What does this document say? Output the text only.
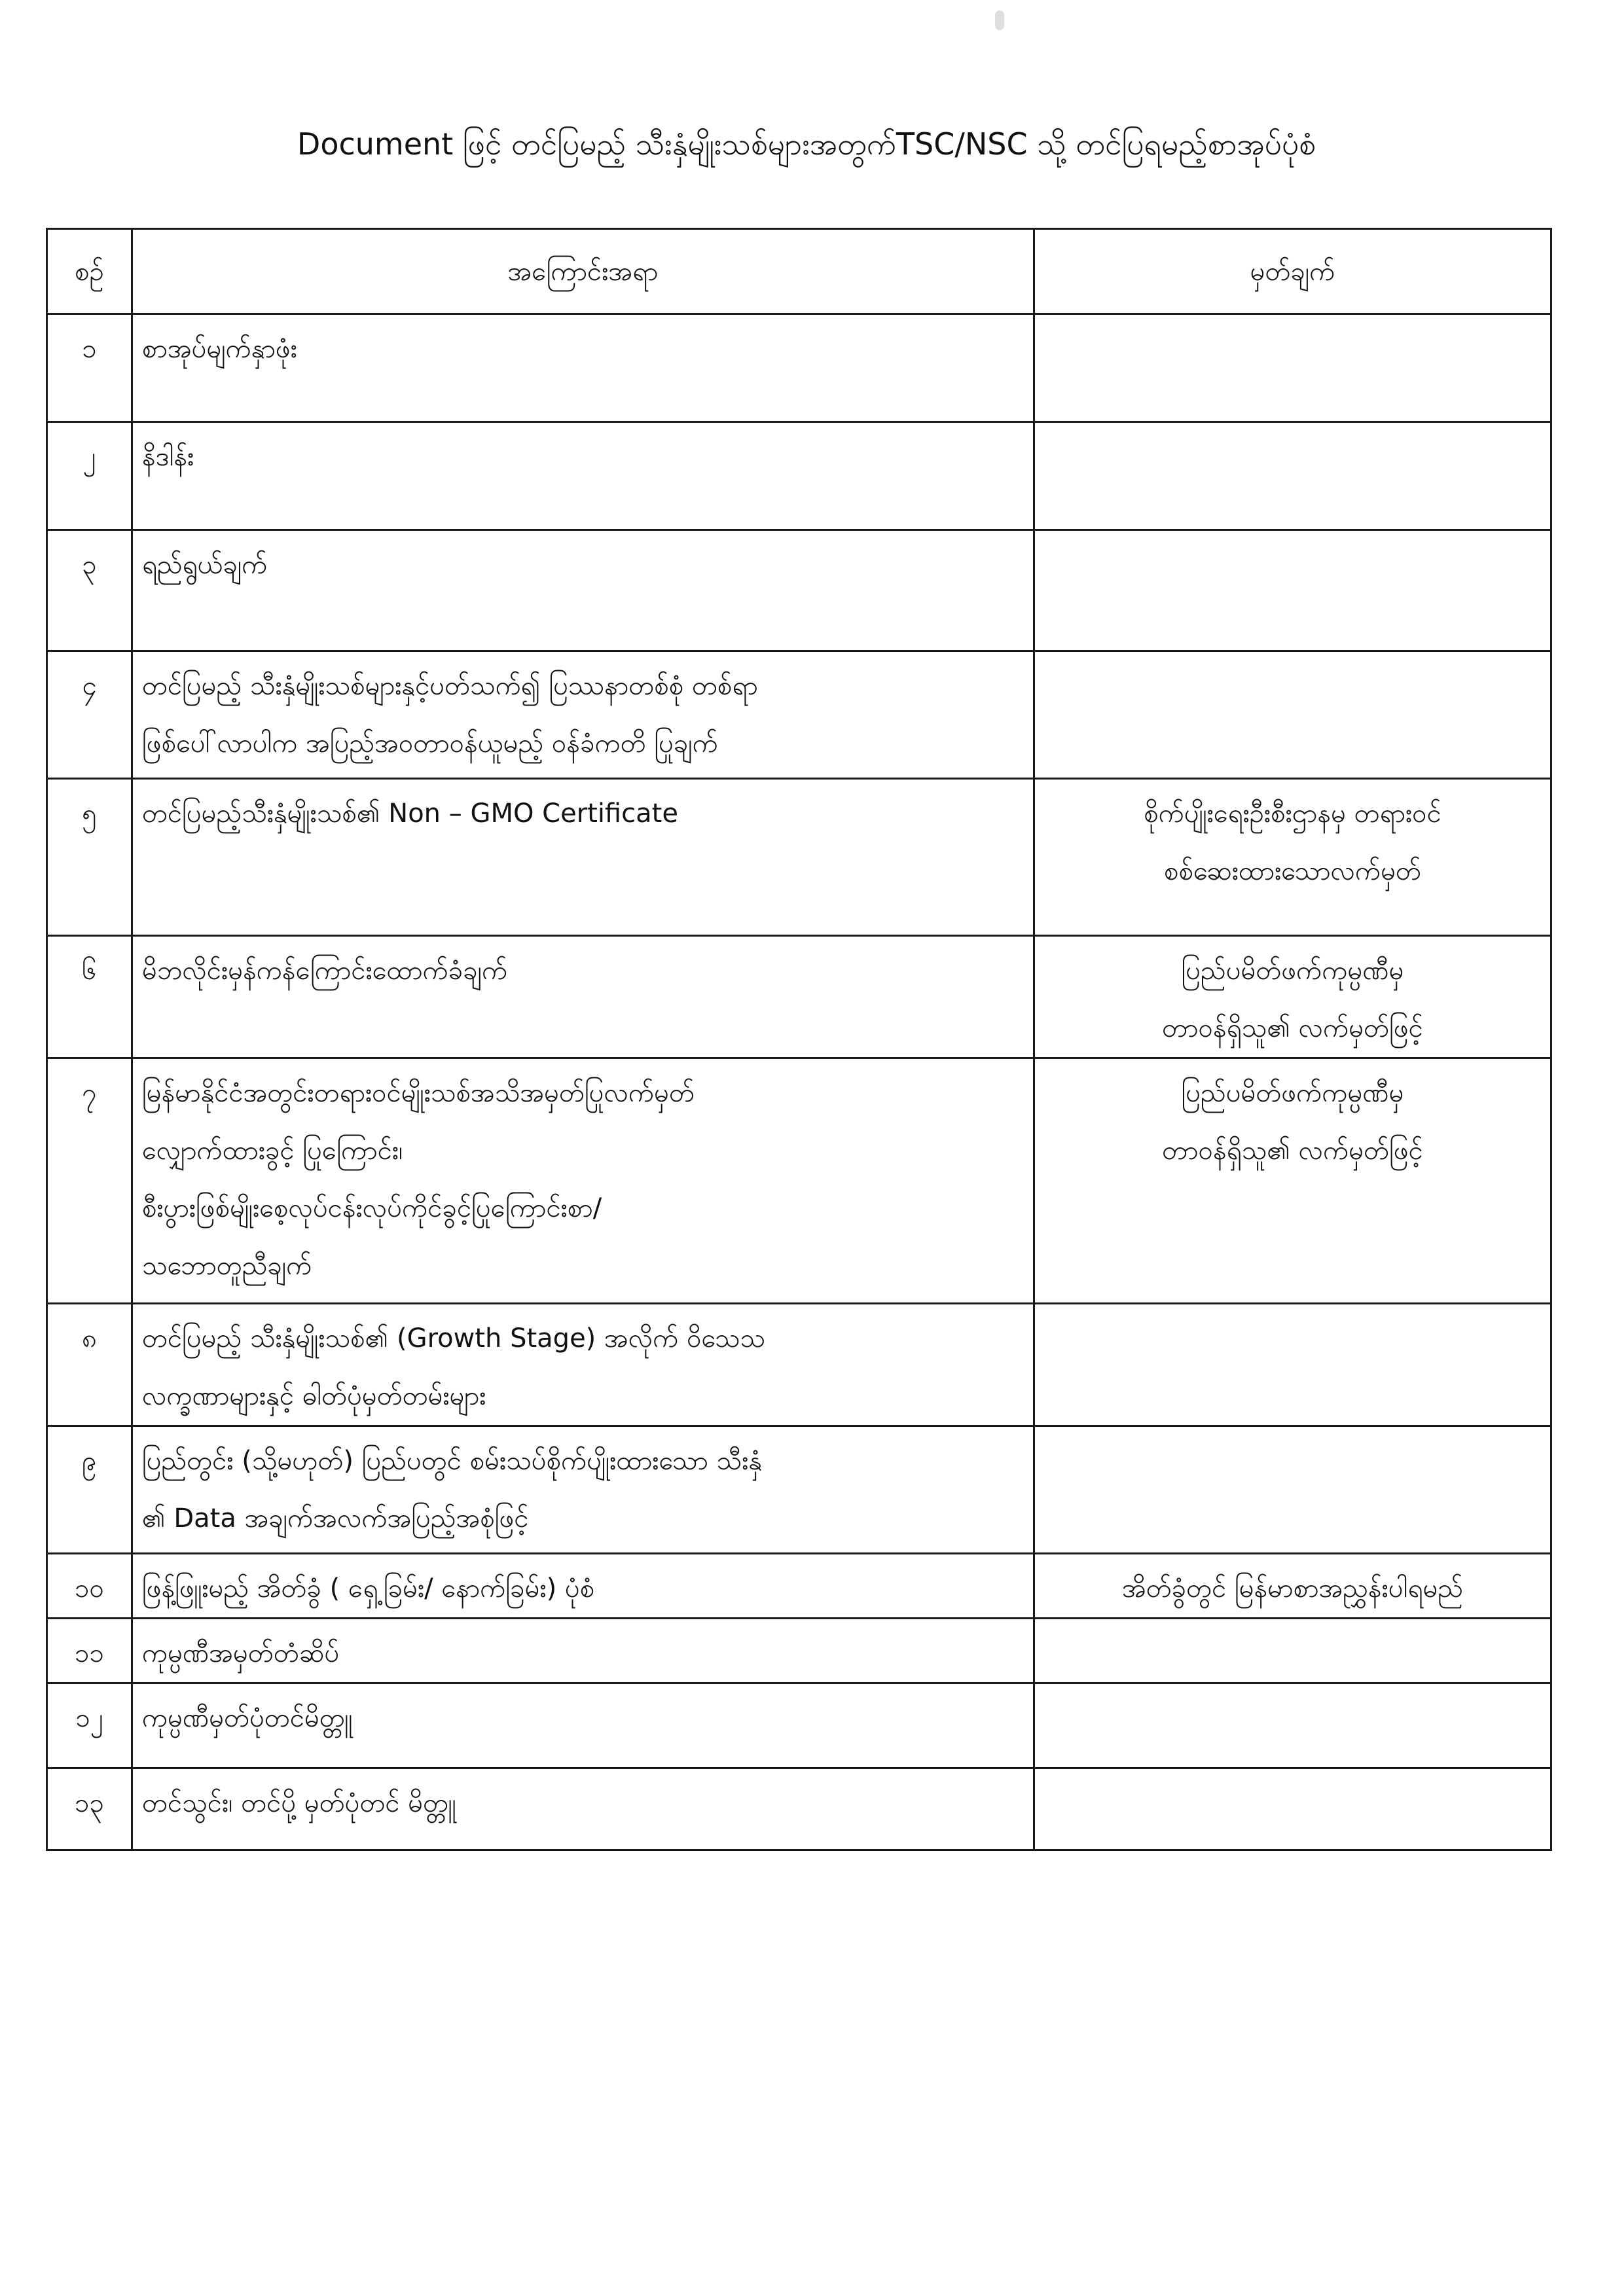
Document ဖြင့် တင်ပြမည့် သီးနှံမျိုးသစ်များအတွက်TSC/NSC သို့ တင်ပြရမည့်စာအုပ်ပုံစံ
စဉ်	အကြောင်းအရာ	မှတ်ချက်
၁	စာအုပ်မျက်နှာဖုံး	

၂	နိဒါန်း	

၃	ရည်ရွယ်ချက်	

၄	တင်ပြမည့် သီးနှံမျိုးသစ်များနှင့်ပတ်သက်၍ ပြဿနာတစ်စုံ တစ်ရာ
ဖြစ်ပေါ်လာပါက အပြည့်အဝတာဝန်ယူမည့် ဝန်ခံကတိ ပြုချက်	

၅	တင်ပြမည့်သီးနှံမျိုးသစ်၏ Non – GMO Certificate	စိုက်ပျိုးရေးဦးစီးဌာနမှ တရားဝင်
စစ်ဆေးထားသောလက်မှတ်

၆	မိဘလိုင်းမှန်ကန်ကြောင်းထောက်ခံချက်	ပြည်ပမိတ်ဖက်ကုမ္ပဏီမှ
တာဝန်ရှိသူ၏ လက်မှတ်ဖြင့်

၇	မြန်မာနိုင်ငံအတွင်းတရားဝင်မျိုးသစ်အသိအမှတ်ပြုလက်မှတ်
လျှောက်ထားခွင့် ပြုကြောင်း၊
စီးပွားဖြစ်မျိုးစေ့လုပ်ငန်းလုပ်ကိုင်ခွင့်ပြုကြောင်းစာ/
သဘောတူညီချက်	ပြည်ပမိတ်ဖက်ကုမ္ပဏီမှ
တာဝန်ရှိသူ၏ လက်မှတ်ဖြင့်

၈	တင်ပြမည့် သီးနှံမျိုးသစ်၏ (Growth Stage) အလိုက် ဝိသေသ
လက္ခဏာများနှင့် ဓါတ်ပုံမှတ်တမ်းများ	

၉	ပြည်တွင်း (သို့မဟုတ်) ပြည်ပတွင် စမ်းသပ်စိုက်ပျိုးထားသော သီးနှံ
၏ Data အချက်အလက်အပြည့်အစုံဖြင့်	

၁၀	ဖြန့်ဖြူးမည့် အိတ်ခွံ ( ရှေ့ခြမ်း/ နောက်ခြမ်း) ပုံစံ	အိတ်ခွံတွင် မြန်မာစာအညွှန်းပါရမည်

၁၁	ကုမ္ပဏီအမှတ်တံဆိပ်	

၁၂	ကုမ္ပဏီမှတ်ပုံတင်မိတ္တူ	

၁၃	တင်သွင်း၊ တင်ပို့ မှတ်ပုံတင် မိတ္တူ	
